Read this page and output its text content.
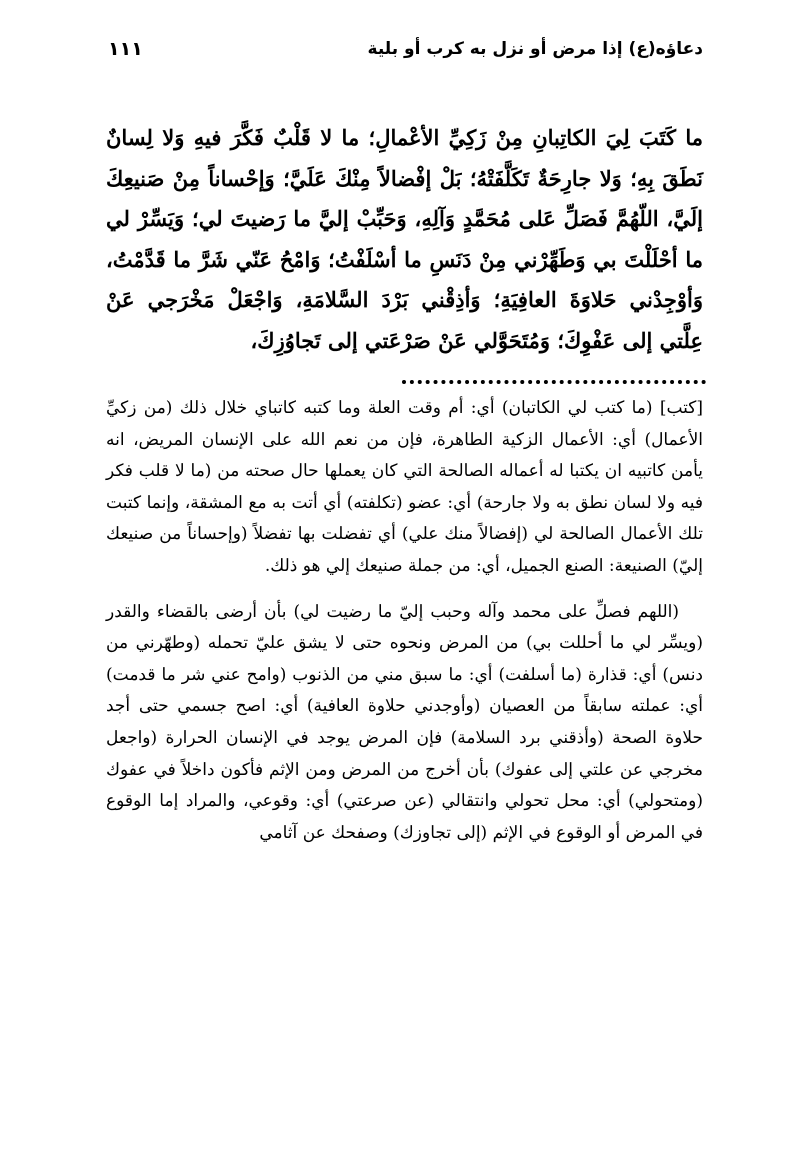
دعاؤه(ع) إذا مرض أو نزل به كرب أو بلية
١١١

ما كَتَبَ لِيَ الكاتِبانِ مِنْ زَكِيِّ الأعْمالِ؛ ما لا قَلْبٌ فَكَّرَ فيهِ وَلا لِسانٌ نَطَقَ بِهِ؛ وَلا جارِحَةٌ تَكَلَّفَتْهُ؛ بَلْ إفْضالاً مِنْكَ عَلَيَّ؛ وَإحْساناً مِنْ صَنيعِكَ إلَيَّ، اللّهُمَّ فَصَلِّ عَلى مُحَمَّدٍ وَآلِهِ، وَحَبِّبْ إليَّ ما رَضيتَ لي؛ وَيَسِّرْ لي ما أحْلَلْتَ بي وَطَهِّرْني مِنْ دَنَسِ ما أسْلَفْتُ؛ وَامْحُ عَنّي شَرَّ ما قَدَّمْتُ، وَأوْجِدْني حَلاوَةَ العافِيَةِ؛ وَأذِقْني بَرْدَ السَّلامَةِ، وَاجْعَلْ مَخْرَجي عَنْ عِلَّتي إلى عَفْوِكَ؛ وَمُتَحَوَّلي عَنْ صَرْعَتي إلى تَجاوُزِكَ،

[كتب] (ما كتب لي الكاتبان) أي: أم وقت العلة وما كتبه كاتباي خلال ذلك (من زكيِّ الأعمال) أي: الأعمال الزكية الطاهرة، فإن من نعم الله على الإنسان المريض، انه يأمن كاتبيه ان يكتبا له أعماله الصالحة التي كان يعملها حال صحته من (ما لا قلب فكر فيه ولا لسان نطق به ولا جارحة) أي: عضو (تكلفته) أي أتت به مع المشقة، وإنما كتبت تلك الأعمال الصالحة لي (إفضالاً منك علي) أي تفضلت بها تفضلاً (وإحساناً من صنيعك إليّ) الصنيعة: الصنع الجميل، أي: من جملة صنيعك إلي هو ذلك.

(اللهم فصلِّ على محمد وآله وحبب إليّ ما رضيت لي) بأن أرضى بالقضاء والقدر (ويسِّر لي ما أحللت بي) من المرض ونحوه حتى لا يشق عليّ تحمله (وطهّرني من دنس) أي: قذارة (ما أسلفت) أي: ما سبق مني من الذنوب (وامح عني شر ما قدمت) أي: عملته سابقاً من العصيان (وأوجدني حلاوة العافية) أي: اصح جسمي حتى أجد حلاوة الصحة (وأذقني برد السلامة) فإن المرض يوجد في الإنسان الحرارة (واجعل مخرجي عن علتي إلى عفوك) بأن أخرج من المرض ومن الإثم فأكون داخلاً في عفوك (ومتحولي) أي: محل تحولي وانتقالي (عن صرعتي) أي: وقوعي، والمراد إما الوقوع في المرض أو الوقوع في الإثم (إلى تجاوزك) وصفحك عن آثامي
